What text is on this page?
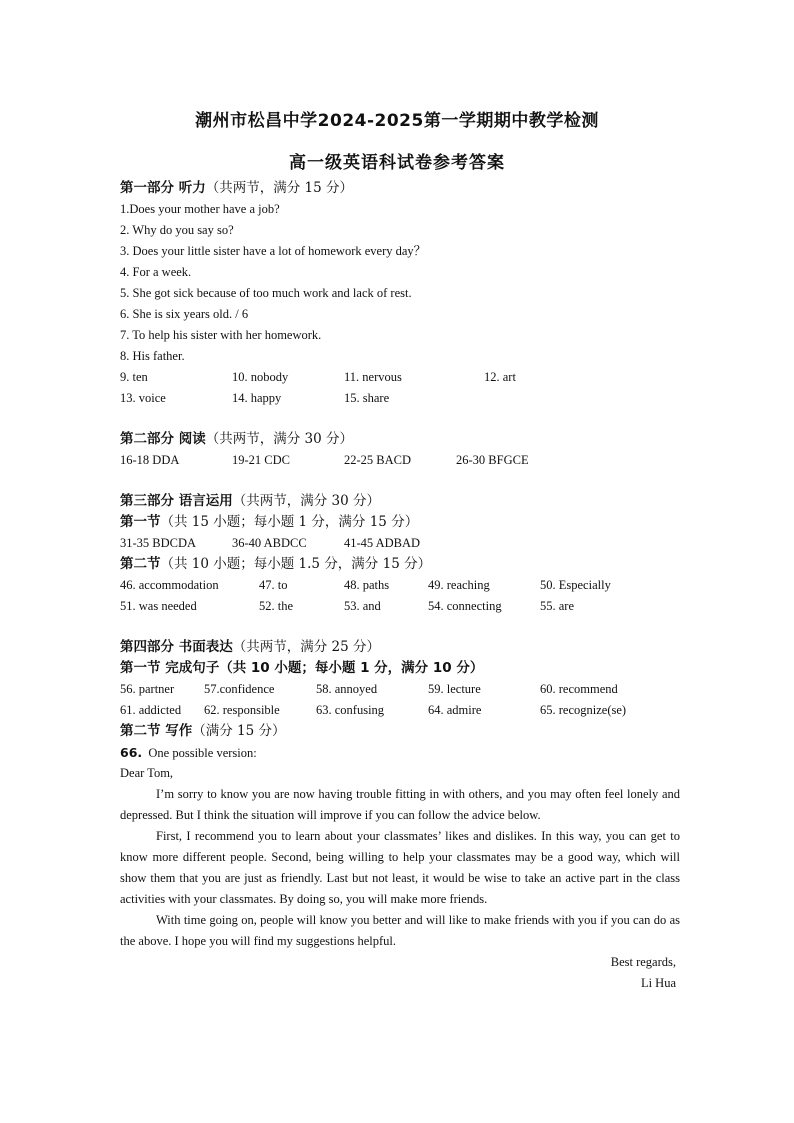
潮州市松昌中学2024-2025第一学期期中教学检测
高一级英语科试卷参考答案
第一部分 听力（共两节，满分 15 分）
1.Does your mother have a job?
2. Why do you say so?
3. Does your little sister have a lot of homework every day？
4. For a week.
5. She got sick because of too much work and lack of rest.
6. She is six years old. / 6
7. To help his sister with her homework.
8. His father.
9. ten	10. nobody	11. nervous	12. art
13. voice	14. happy	15. share
第二部分 阅读（共两节，满分 30 分）
16-18 DDA	19-21 CDC	22-25 BACD	26-30 BFGCE
第三部分 语言运用（共两节，满分 30 分）
第一节（共 15 小题；每小题 1 分，满分 15 分）
31-35 BDCDA	36-40 ABDCC	41-45 ADBAD
第二节（共 10 小题；每小题 1.5 分，满分 15 分）
46. accommodation	47. to	48. paths	49. reaching	50. Especially
51. was needed	52. the	53. and	54. connecting	55. are
第四部分 书面表达（共两节，满分 25 分）
第一节 完成句子（共 10 小题；每小题 1 分，满分 10 分）
56. partner 57.confidence	58. annoyed	59. lecture	60. recommend
61. addicted 62. responsible	63. confusing	64. admire	65. recognize(se)
第二节 写作（满分 15 分）
66. One possible version:
Dear Tom,
I’m sorry to know you are now having trouble fitting in with others, and you may often feel lonely and depressed. But I think the situation will improve if you can follow the advice below.
First, I recommend you to learn about your classmates’ likes and dislikes. In this way, you can get to know more different people. Second, being willing to help your classmates may be a good way, which will show them that you are just as friendly. Last but not least, it would be wise to take an active part in the class activities with your classmates. By doing so, you will make more friends.
With time going on, people will know you better and will like to make friends with you if you can do as the above. I hope you will find my suggestions helpful.
Best regards,
Li Hua
